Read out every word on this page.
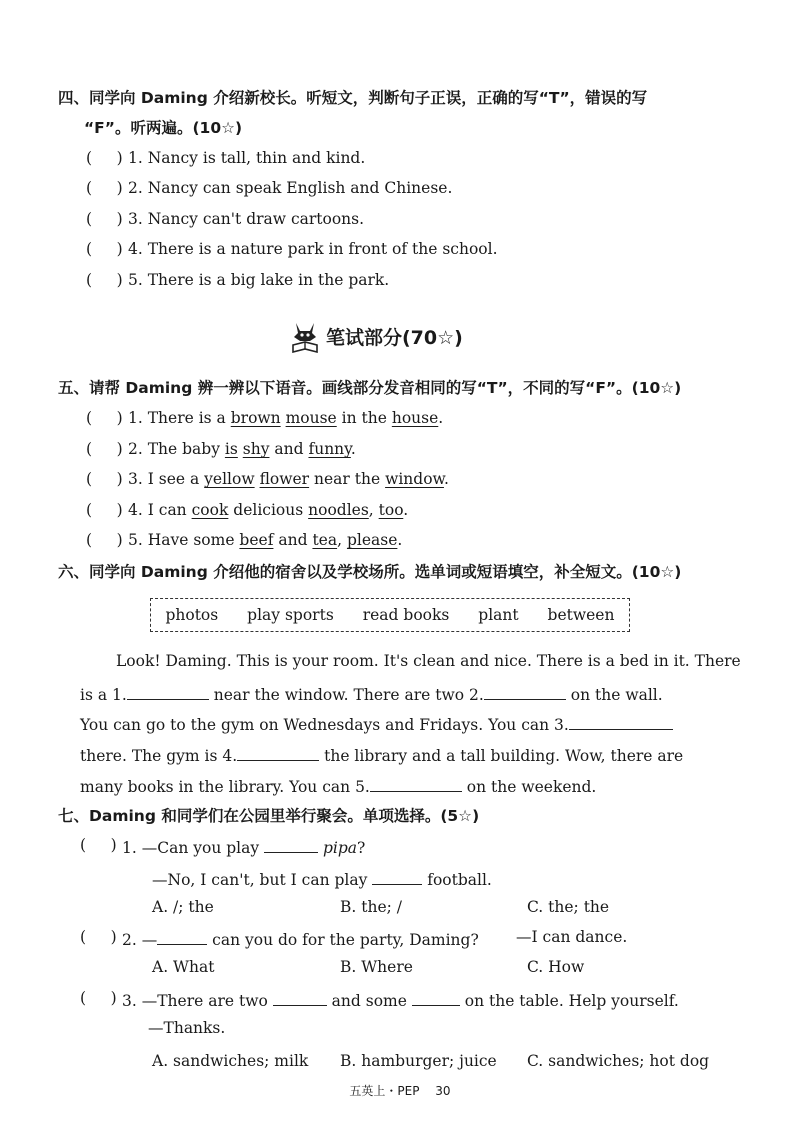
四、同学向 Daming 介绍新校长。听短文，判断句子正误，正确的写“T”，错误的写
“F”。听两遍。(10☆)
(     ) 1. Nancy is tall, thin and kind.
(     ) 2. Nancy can speak English and Chinese.
(     ) 3. Nancy can't draw cartoons.
(     ) 4. There is a nature park in front of the school.
(     ) 5. There is a big lake in the park.
笔试部分(70☆)
五、请帮 Daming 辨一辨以下语音。画线部分发音相同的写“T”，不同的写“F”。(10☆)
(     ) 1. There is a brown mouse in the house.
(     ) 2. The baby is shy and funny.
(     ) 3. I see a yellow flower near the window.
(     ) 4. I can cook delicious noodles, too.
(     ) 5. Have some beef and tea, please.
六、同学向 Daming 介绍他的宿舍以及学校场所。选单词或短语填空，补全短文。(10☆)
photos play sports read books plant between
Look! Daming. This is your room. It's clean and nice. There is a bed in it. There
is a 1.	near the window. There are two 2.	on the wall.
You can go to the gym on Wednesdays and Fridays. You can 3.
there. The gym is 4.	the library and a tall building. Wow, there are
many books in the library. You can 5.	on the weekend.
七、Daming 和同学们在公园里举行聚会。单项选择。(5☆)
(     ) 1. —Can you play	pipa?
—No, I can't, but I can play	football.
A. /; the	B. the; /	C. the; the
(     ) 2. —	can you do for the party, Daming? —I can dance.
A. What	B. Where	C. How
(     ) 3. —There are two	and some	on the table. Help yourself.
—Thanks.
A. sandwiches; milk B. hamburger; juice C. sandwiches; hot dog
五英上・PEP 30
